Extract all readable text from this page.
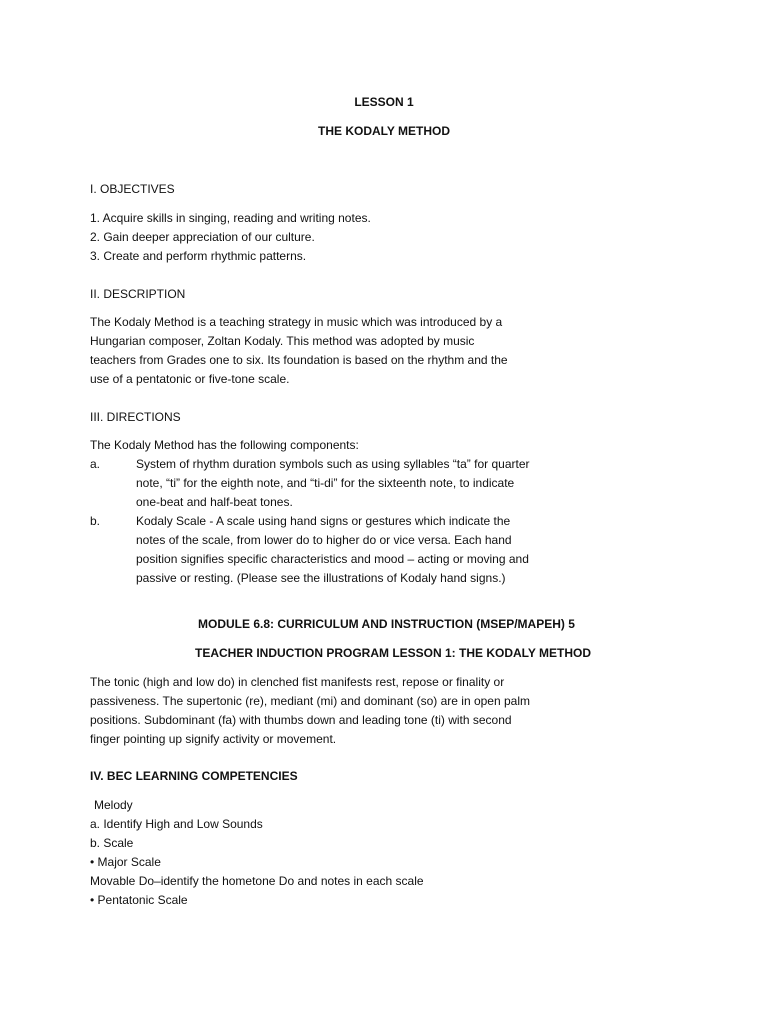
LESSON 1
THE KODALY METHOD
I. OBJECTIVES
1. Acquire skills in singing, reading and writing notes.
2. Gain deeper appreciation of our culture.
3. Create and perform rhythmic patterns.
II. DESCRIPTION
The Kodaly Method is a teaching strategy in music which was introduced by a
Hungarian composer, Zoltan Kodaly. This method was adopted by music
teachers from Grades one to six. Its foundation is based on the rhythm and the
use of a pentatonic or five-tone scale.
III. DIRECTIONS
The Kodaly Method has the following components:
a.	System of rhythm duration symbols such as using syllables “ta” for quarter
note, “ti” for the eighth note, and “ti-di” for the sixteenth note, to indicate
one-beat and half-beat tones.
b.	Kodaly Scale - A scale using hand signs or gestures which indicate the
notes of the scale, from lower do to higher do or vice versa. Each hand
position signifies specific characteristics and mood – acting or moving and
passive or resting. (Please see the illustrations of Kodaly hand signs.)
MODULE 6.8: CURRICULUM AND INSTRUCTION (MSEP/MAPEH) 5
TEACHER INDUCTION PROGRAM LESSON 1: THE KODALY METHOD
The tonic (high and low do) in clenched fist manifests rest, repose or finality or
passiveness. The supertonic (re), mediant (mi) and dominant (so) are in open palm
positions. Subdominant (fa) with thumbs down and leading tone (ti) with second
finger pointing up signify activity or movement.
IV. BEC LEARNING COMPETENCIES
Melody
a. Identify High and Low Sounds
b. Scale
• Major Scale
Movable Do–identify the hometone Do and notes in each scale
• Pentatonic Scale
